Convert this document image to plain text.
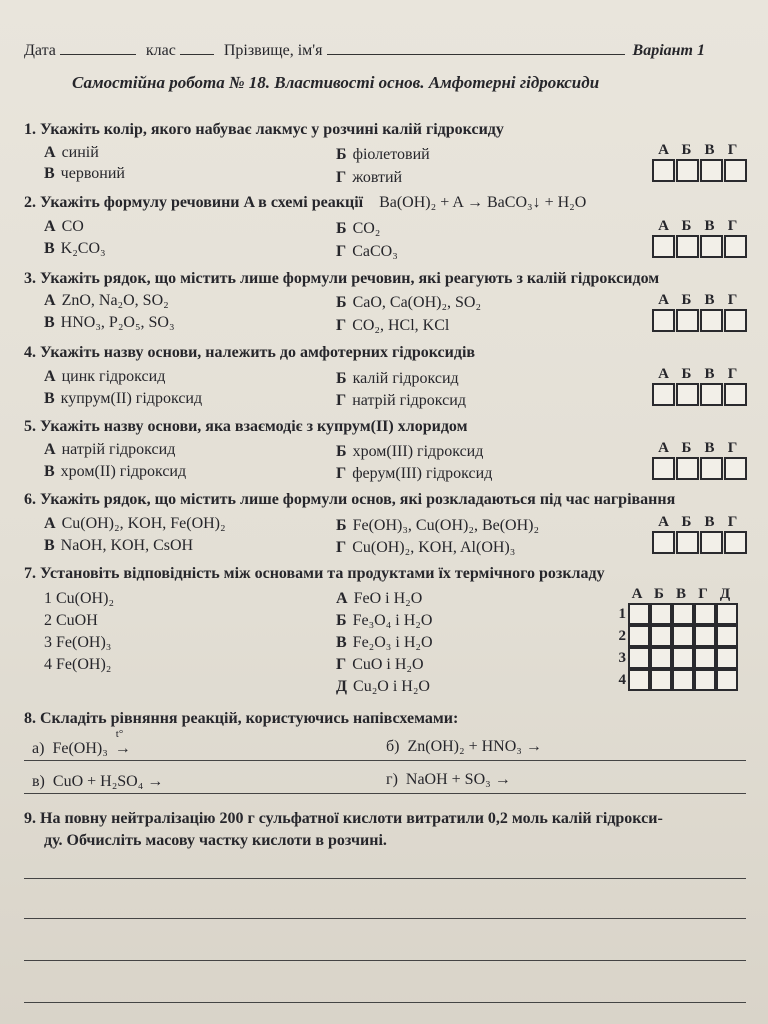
Дата	клас	Прізвище, ім'я	Варіант 1
Самостійна робота № 18. Властивості основ. Амфотерні гідроксиди
1. Укажіть колір, якого набуває лакмус у розчині калій гідроксиду
А синій	Б фіолетовий
В червоний	Г жовтий
А Б В Г
2. Укажіть формулу речовини A в схемі реакції Ba(OH)₂ + A → BaCO₃↓ + H₂O
А CO	Б CO₂
В K₂CO₃	Г CaCO₃
А Б В Г
3. Укажіть рядок, що містить лише формули речовин, які реагують з калій гідроксидом
А ZnO, Na₂O, SO₂	Б CaO, Ca(OH)₂, SO₂
В HNO₃, P₂O₅, SO₃	Г CO₂, HCl, KCl
А Б В Г
4. Укажіть назву основи, належить до амфотерних гідроксидів
А цинк гідроксид	Б калій гідроксид
В купрум(ІІ) гідроксид	Г натрій гідроксид
А Б В Г
5. Укажіть назву основи, яка взаємодіє з купрум(ІІ) хлоридом
А натрій гідроксид	Б хром(ІІІ) гідроксид
В хром(ІІ) гідроксид	Г ферум(ІІІ) гідроксид
А Б В Г
6. Укажіть рядок, що містить лише формули основ, які розкладаються під час нагрівання
А Cu(OH)₂, KOH, Fe(OH)₂	Б Fe(OH)₃, Cu(OH)₂, Be(OH)₂
В NaOH, KOH, CsOH	Г Cu(OH)₂, KOH, Al(OH)₃
А Б В Г
7. Установіть відповідність між основами та продуктами їх термічного розкладу
1 Cu(OH)₂
2 CuOH
3 Fe(OH)₃
4 Fe(OH)₂
А FeO і H₂O
Б Fe₃O₄ і H₂O
В Fe₂O₃ і H₂O
Г CuO і H₂O
Д Cu₂O і H₂O
А Б В Г Д
1
2
3
4
8. Складіть рівняння реакцій, користуючись напівсхемами:
а) Fe(OH)₃
t°
→	б) Zn(OH)₂ + HNO₃ →
в) CuO + H₂SO₄ →	г) NaOH + SO₃ →
9. На повну нейтралізацію 200 г сульфатної кислоти витратили 0,2 моль калій гідрокси-
ду. Обчисліть масову частку кислоти в розчині.
